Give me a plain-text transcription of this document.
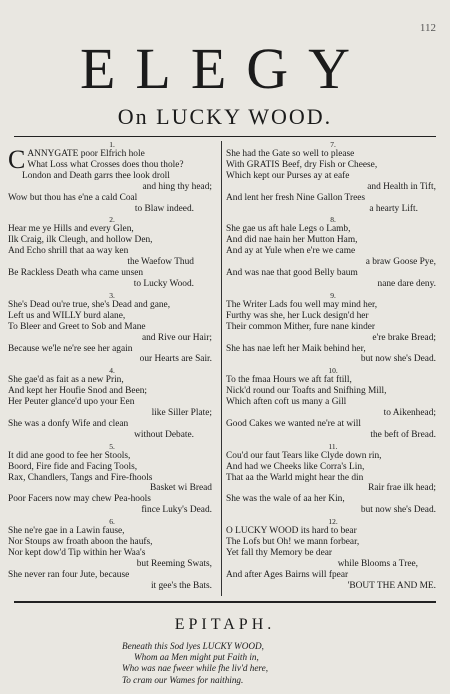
112
ELEGY
On LUCKY WOOD.
1.
CANNYGATE poor Elfrich hole
What Loss what Crosses does thou thole?
London and Death garrs thee look droll
and hing thy head;
Wow but thou has e'ne a cald Coal
to Blaw indeed.
2.
Hear me ye Hills and every Glen,
Ilk Craig, ilk Cleugh, and hollow Den,
And Echo shrill that aa way ken
the Waefow Thud
Be Rackless Death wha came unsen
to Lucky Wood.
3.
She's Dead ou're true, she's Dead and gane,
Left us and WILLY burd alane,
To Bleer and Greet to Sob and Mane
and Rive our Hair;
Because we'le ne're see her again
our Hearts are Sair.
4.
She gae'd as fait as a new Prin,
And kept her Houfie Snod and Been;
Her Peuter glance'd upo your Een
like Siller Plate;
She was a donfy Wife and clean
without Debate.
5.
It did ane good to fee her Stools,
Boord, Fire fide and Facing Tools,
Rax, Chandlers, Tangs and Fire-fhools
Basket wi Bread
Poor Facers now may chew Pea-hools
fince Luky's Dead.
6.
She ne're gae in a Lawin fause,
Nor Stoups aw froath aboon the haufs,
Nor kept dow'd Tip within her Waa's
but Reeming Swats,
She never ran four Jute, because
it gee's the Bats.
7.
She had the Gate so well to please
With GRATIS Beef, dry Fish or Cheese,
Which kept our Purses ay at eafe
and Health in Tift,
And lent her fresh Nine Gallon Trees
a hearty Lift.
8.
She gae us aft hale Legs o Lamb,
And did nae hain her Mutton Ham,
And ay at Yule when e're we came
a braw Goose Pye,
And was nae that good Belly baum
nane dare deny.
9.
The Writer Lads fou well may mind her,
Furthy was she, her Luck design'd her
Their common Mither, fure nane kinder
e're brake Bread;
She has nae left her Maik behind her,
but now she's Dead.
10.
To the fmaa Hours we aft fat ftill,
Nick'd round our Toafts and Snifhing Mill,
Which aften coft us many a Gill
to Aikenhead;
Good Cakes we wanted ne're at will
the beft of Bread.
11.
Cou'd our faut Tears like Clyde down rin,
And had we Cheeks like Corra's Lin,
That aa the Warld might hear the din
Rair frae ilk head;
She was the wale of aa her Kin,
but now she's Dead.
12.
O LUCKY WOOD its hard to bear
The Lofs but Oh! we mann forbear,
Yet fall thy Memory be dear
while Blooms a Tree,
And after Ages Bairns will fpear
'BOUT THE AND ME.
EPITAPH.
Beneath this Sod lyes LUCKY WOOD,
Whom aa Men might put Faith in,
Who was nae fweer while fhe liv'd here,
To cram our Wames for naithing.
